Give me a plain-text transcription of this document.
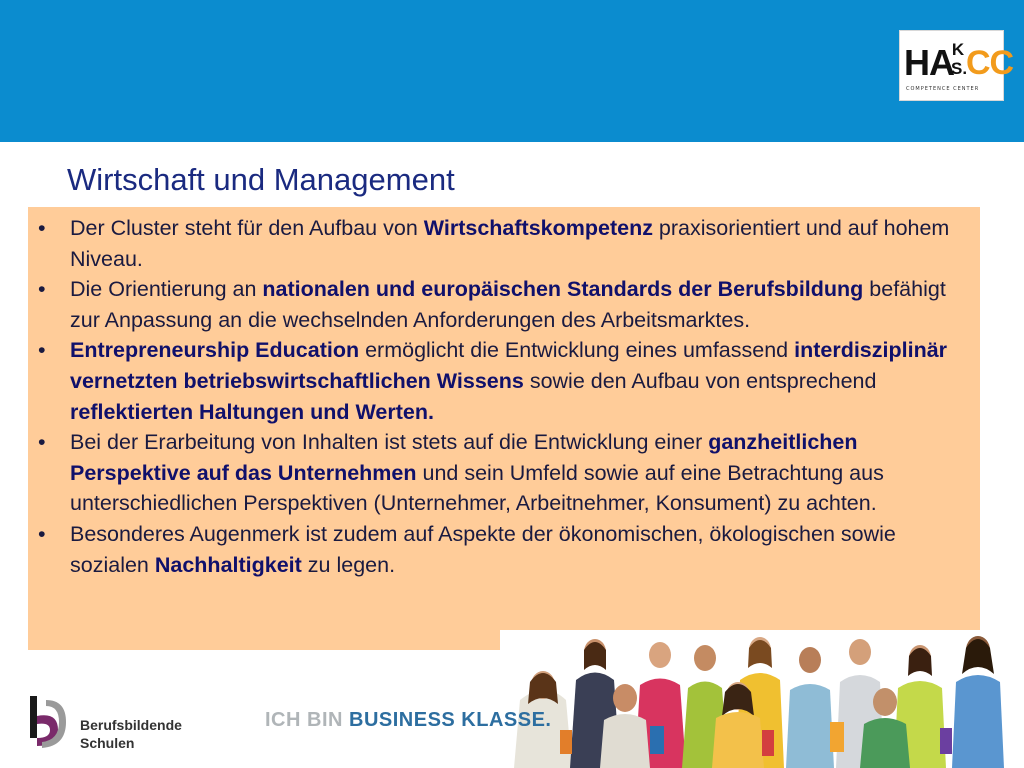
HA
K
S.
CC
COMPETENCE CENTER
Wirtschaft und Management
• Der Cluster steht für den Aufbau von Wirtschaftskompetenz praxisorientiert und auf hohem Niveau.
• Die Orientierung an nationalen und europäischen Standards der Berufsbildung befähigt zur Anpassung an die wechselnden Anforderungen des Arbeitsmarktes.
• Entrepreneurship Education ermöglicht die Entwicklung eines umfassend interdisziplinär vernetzten betriebswirtschaftlichen Wissens sowie den Aufbau von entsprechend reflektierten Haltungen und Werten.
• Bei der Erarbeitung von Inhalten ist stets auf die Entwicklung einer ganzheitlichen Perspektive auf das Unternehmen und sein Umfeld sowie auf eine Betrachtung aus unterschiedlichen Perspektiven (Unternehmer, Arbeitnehmer, Konsument) zu achten.
• Besonderes Augenmerk ist zudem auf Aspekte der ökonomischen, ökologischen sowie sozialen Nachhaltigkeit zu legen.
Berufsbildende
Schulen
ICH BIN BUSINESS KLASSE.
